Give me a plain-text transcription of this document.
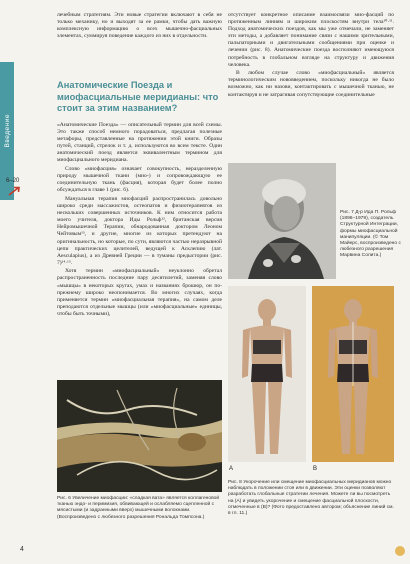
Введение
6–20

лечебным стратегиям. Эти новые стратегии включают в себя не только механику, но и выходят за ее рамки, чтобы дать важную комплексную информацию о всех мышечно-фасциальных элементах, суммируя поведение каждого из них в отдельности.

отсутствует конкретное описание взаимосвязи мио-фасций по протяженным линиям и широким плоскостям внутри тела¹⁰·¹¹. Подход анатомических поездов, как мы уже отмечали, не заменяет эти методы, а добавляет понимание связи с нашими зрительными, пальпаторными и двигательными сообщениями при оценке и лечении (рис. 8). Анатомические поезда восполняют имеющуюся потребность в глобальном взгляде на структуру и движения человека.

В любом случае слово «миофасциальный» является терминологическим нововведением, поскольку никогда не было возможно, как ни назови, контактировать с мышечной тканью, не контактируя и не затрагивая сопутствующие соединительные

Анатомические Поезда и миофасциальные меридианы: что стоит за этим названием?

«Анатомические Поезда» — описательный термин для всей схемы. Это также способ немного порадоваться, предлагая полезные метафоры, представленные на протяжении этой книги. Образы путей, станций, стрелок и т. д. используются во всем тексте. Один анатомический поезд является эквивалентным термином для миофасциального меридиана.

Слово «миофасция» означает совокупность, неразделенную природу мышечной ткани (мио-) и сопровождающую ее соединительную ткань (фасция), которая будет более полно обсуждаться в главе 1 (рис. 6).

Мануальная терапия миофасций распространилась довольно широко среди массажистов, остеопатов и физиотерапевтов из нескольких совершенных источников. К ним относится работа моего учителя, доктора Иды Рольф¹², британская версия Нейромышечной Терапии, обнародованная доктором Леоном Чейтовым¹³, и другие, многие из которых претендуют на оригинальность, но которые, по сути, являются частью неразрывной цепи практических целителей, ведущей к Асклепию (лат. Aesculapius), а из Древней Греции — в туманы предыстории (рис. 7)¹⁴·¹⁵.

Хотя термин «миофасциальный» неуклонно обретал распространенность последние пару десятилетий, заменяя слово «мышцы» в некоторых кругах, умах и названиях брошюр, он по-прежнему широко неопонимается. Во многих случаях, когда применяется термин «миофасциальная терапия», на самом деле преподаются отдельные мышцы (или «миофасциальные» единицы, чтобы быть точными),

Рис. 7 Д-р Ида П. Рольф (1896–1979), создатель Структурной Интеграции, формы миофасциальной манипуляции. (© Том Майерс, воспроизведено с любезного разрешения Марвина Солита.)
A	B
Рис. 8 Укорочение или смещение миофасциальных меридианов можно наблюдать в положении стоя или в движении. Эти оценки позволяют разработать глобальные стратегии лечения. Можете ли вы посмотреть на (A) и увидеть укорочение и смещение фасциальной плоскости, отмеченные в (B)? (Фото предоставлено автором; объяснение линий см. в гл. 11.)
Рис. 6 Увеличение миофасции: «сладкая вата» является коллагеновой тканью эндо- и перимизия, обвивающей и ослабляемо сцепленной с мясистыми (и задранными вверх) мышечными волокнами. (Воспроизведено с любезного разрешения Рональда Томпсона.)
4
